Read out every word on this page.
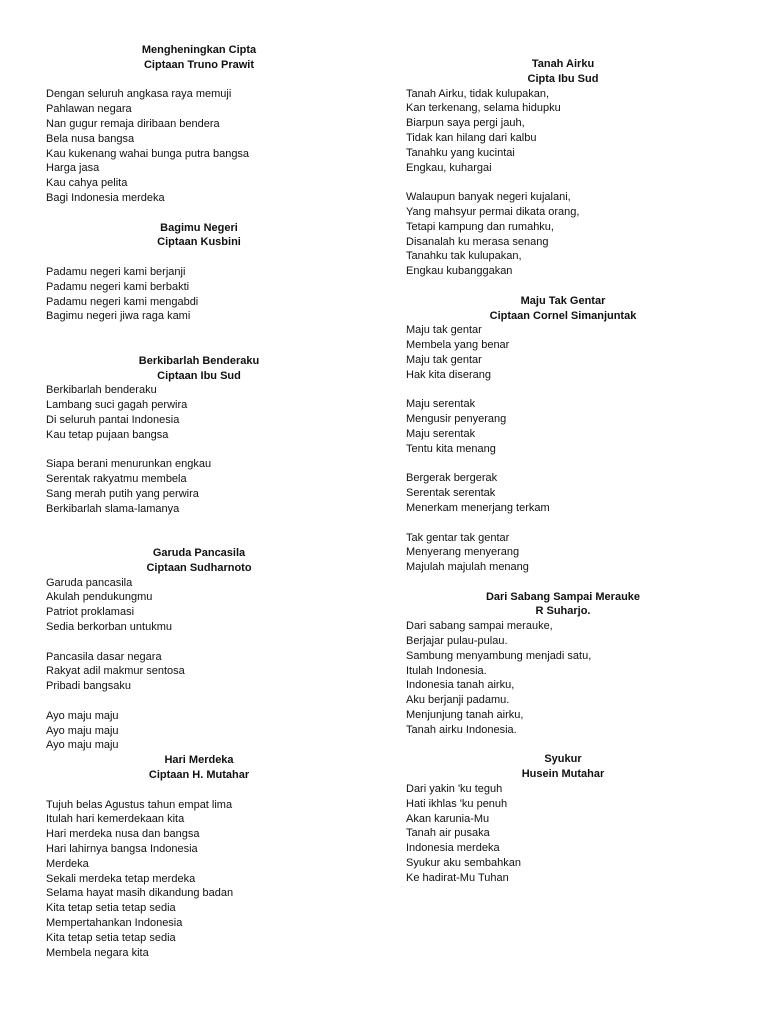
Mengheningkan Cipta
Ciptaan Truno Prawit
Dengan seluruh angkasa raya memuji
Pahlawan negara
Nan gugur remaja diribaan bendera
Bela nusa bangsa
Kau kukenang wahai bunga putra bangsa
Harga jasa
Kau cahya pelita
Bagi Indonesia merdeka
Bagimu Negeri
Ciptaan Kusbini
Padamu negeri kami berjanji
Padamu negeri kami berbakti
Padamu negeri kami mengabdi
Bagimu negeri jiwa raga kami
Berkibarlah Benderaku
Ciptaan Ibu Sud
Berkibarlah benderaku
Lambang suci gagah perwira
Di seluruh pantai Indonesia
Kau tetap pujaan bangsa
Siapa berani menurunkan engkau
Serentak rakyatmu membela
Sang merah putih yang perwira
Berkibarlah slama-lamanya
Garuda Pancasila
Ciptaan Sudharnoto
Garuda pancasila
Akulah pendukungmu
Patriot proklamasi
Sedia berkorban untukmu
Pancasila dasar negara
Rakyat adil makmur sentosa
Pribadi bangsaku
Ayo maju maju
Ayo maju maju
Ayo maju maju
Hari Merdeka
Ciptaan H. Mutahar
Tujuh belas Agustus tahun empat lima
Itulah hari kemerdekaan kita
Hari merdeka nusa dan bangsa
Hari lahirnya bangsa Indonesia
Merdeka
Sekali merdeka tetap merdeka
Selama hayat masih dikandung badan
Kita tetap setia tetap sedia
Mempertahankan Indonesia
Kita tetap setia tetap sedia
Membela negara kita
Tanah Airku
Cipta Ibu Sud
Tanah Airku, tidak kulupakan,
Kan terkenang, selama hidupku
Biarpun saya pergi jauh,
Tidak kan hilang dari kalbu
Tanahku yang kucintai
Engkau, kuhargai
Walaupun banyak negeri kujalani,
Yang mahsyur permai dikata orang,
Tetapi kampung dan rumahku,
Disanalah ku merasa senang
Tanahku tak kulupakan,
Engkau kubanggakan
Maju Tak Gentar
Ciptaan Cornel Simanjuntak
Maju tak gentar
Membela yang benar
Maju tak gentar
Hak kita diserang
Maju serentak
Mengusir penyerang
Maju serentak
Tentu kita menang
Bergerak bergerak
Serentak serentak
Menerkam menerjang terkam
Tak gentar tak gentar
Menyerang menyerang
Majulah majulah menang
Dari Sabang Sampai Merauke
R Suharjo.
Dari sabang sampai merauke,
Berjajar pulau-pulau.
Sambung menyambung menjadi satu,
Itulah Indonesia.
Indonesia tanah airku,
Aku berjanji padamu.
Menjunjung tanah airku,
Tanah airku Indonesia.
Syukur
Husein Mutahar
Dari yakin 'ku teguh
Hati ikhlas 'ku penuh
Akan karunia-Mu
Tanah air pusaka
Indonesia merdeka
Syukur aku sembahkan
Ke hadirat-Mu Tuhan
